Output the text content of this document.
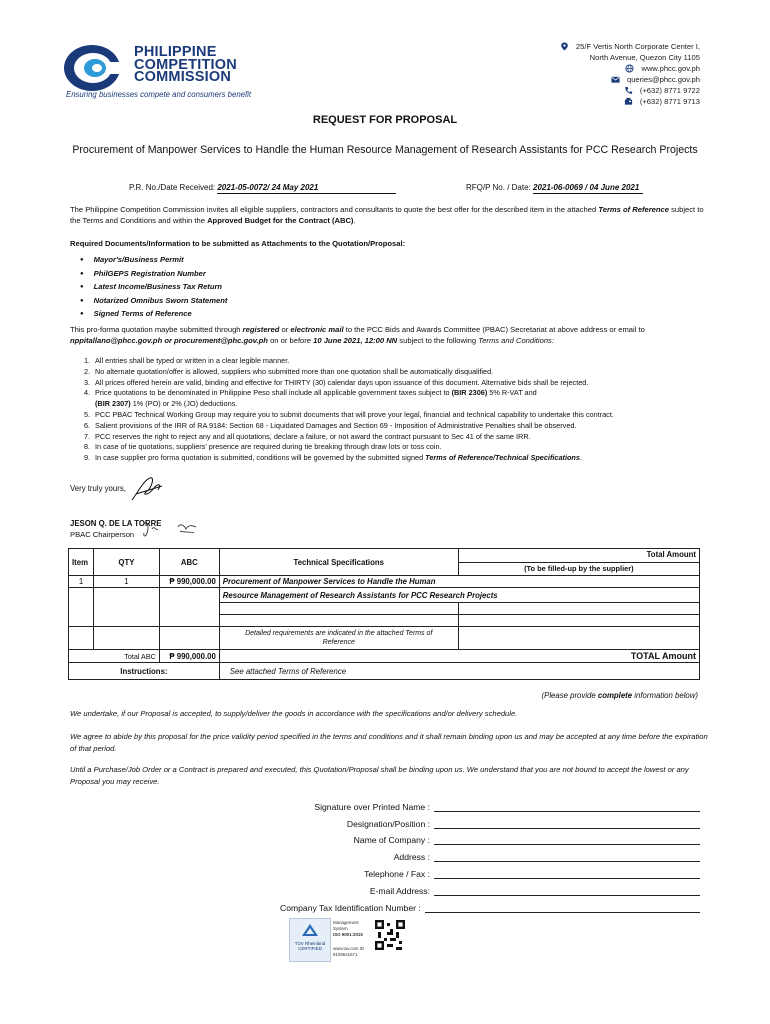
PHILIPPINE
COMPETITION
COMMISSION
Ensuring businesses compete and consumers benefit
25/F Vertis North Corporate Center I,
North Avenue, Quezon City 1105
www.phcc.gov.ph
queries@phcc.gov.ph
(+632) 8771 9722
(+632) 8771 9713
REQUEST FOR PROPOSAL
Procurement of Manpower Services to Handle the Human Resource Management of Research Assistants for PCC Research Projects
P.R. No./Date Received: 2021-05-0072/ 24 May 2021	RFQ/P No. / Date: 2021-06-0069 / 04 June 2021
The Philippine Competition Commission invites all eligible suppliers, contractors and consultants to quote the best offer for the described item in the attached Terms of Reference subject to the Terms and Conditions and within the Approved Budget for the Contract (ABC).
Required Documents/Information to be submitted as Attachments to the Quotation/Proposal:
● Mayor's/Business Permit
● PhilGEPS Registration Number
● Latest Income/Business Tax Return
● Notarized Omnibus Sworn Statement
● Signed Terms of Reference
This pro-forma quotation maybe submitted through registered or electronic mail to the PCC Bids and Awards Committee (PBAC) Secretariat at above address or email to nppitallano@phcc.gov.ph or procurement@phc.gov.ph on or before 10 June 2021, 12:00 NN subject to the following Terms and Conditions:
1. All entries shall be typed or written in a clear legible manner.
2. No alternate quotation/offer is allowed, suppliers who submitted more than one quotation shall be automatically disqualified.
3. All prices offered herein are valid, binding and effective for THIRTY (30) calendar days upon issuance of this document. Alternative bids shall be rejected.
4. Price quotations to be denominated in Philippine Peso shall include all applicable government taxes subject to (BIR 2306) 5% R-VAT and
(BIR 2307) 1% (PO) or 2% (JO) deductions.
5. PCC PBAC Technical Working Group may require you to submit documents that will prove your legal, financial and technical capability to undertake this contract.
6. Salient provisions of the IRR of RA 9184: Section 68 - Liquidated Damages and Section 69 - Imposition of Administrative Penalties shall be observed.
7. PCC reserves the right to reject any and all quotations, declare a failure, or not award the contract pursuant to Sec 41 of the same IRR.
8. In case of tie quotations, suppliers' presence are required during tie breaking through draw lots or toss coin.
9. In case supplier pro forma quotation is submitted, conditions will be governed by the submitted signed Terms of Reference/Technical Specifications.
Very truly yours,
JESON Q. DE LA TORRE
PBAC Chairperson
Item	QTY	ABC	Technical Specifications	Total Amount
				(To be filled-up by the supplier)
1	1	₱ 990,000.00	Procurement of Manpower Services to Handle the Human	
			Resource Management of Research Assistants for PCC Research Projects	

			Detailed requirements are indicated in the attached Terms of Reference	
Total ABC		₱ 990,000.00	TOTAL Amount	
Instructions:			See attached Terms of Reference	
(Please provide complete information below)
We undertake, if our Proposal is accepted, to supply/deliver the goods in accordance with the specifications and/or delivery schedule.
We agree to abide by this proposal for the price validity period specified in the terms and conditions and it shall remain binding upon us and may be accepted at any time before the expiration of that period.
Until a Purchase/Job Order or a Contract is prepared and executed, this Quotation/Proposal shall be binding upon us. We understand that you are not bound to accept the lowest or any Proposal you may receive.
Signature over Printed Name :
Designation/Position :
Name of Company :
Address :
Telephone / Fax :
E-mail Address:
Company Tax Identification Number :
TÜV Rheinland CERTIFIED
Management System
ISO 9001:2015
www.tuv.com ID 9108641671
